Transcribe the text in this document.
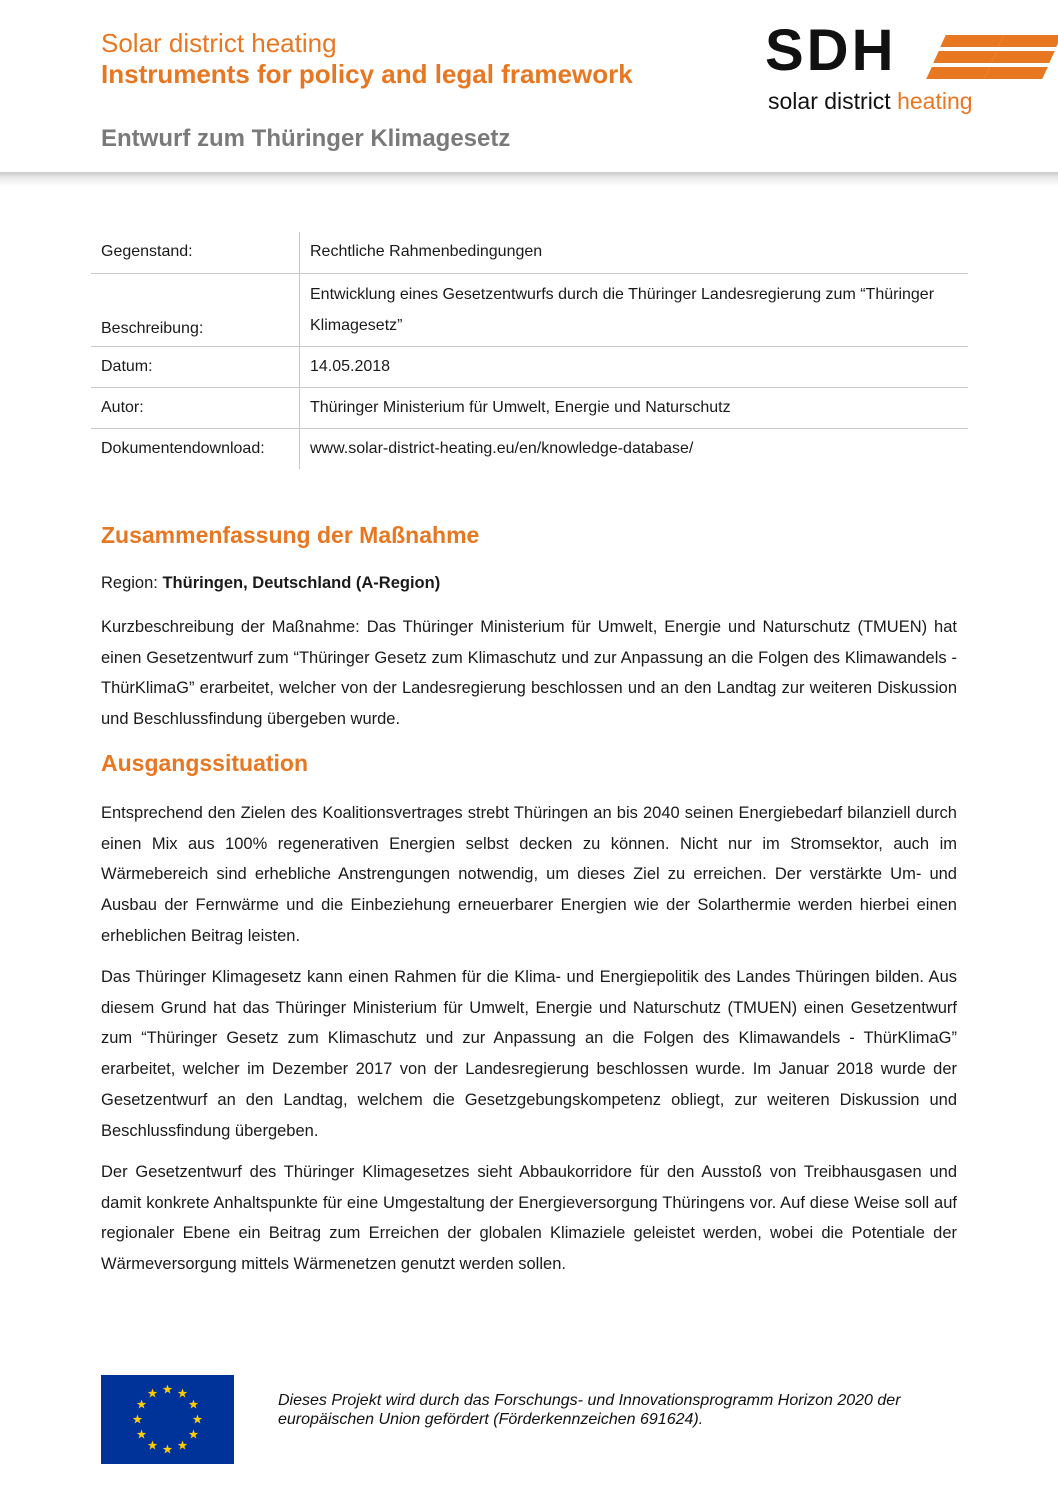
Solar district heating
Instruments for policy and legal framework
Entwurf zum Thüringer Klimagesetz
SDH
solar district heating
Gegenstand:	Rechtliche Rahmenbedingungen
Beschreibung:	Entwicklung eines Gesetzentwurfs durch die Thüringer Landesregierung zum “Thüringer Klimagesetz”
Datum:	14.05.2018
Autor:	Thüringer Ministerium für Umwelt, Energie und Naturschutz
Dokumentendownload:	www.solar-district-heating.eu/en/knowledge-database/
Zusammenfassung der Maßnahme
Region: Thüringen, Deutschland (A-Region)

Kurzbeschreibung der Maßnahme: Das Thüringer Ministerium für Umwelt, Energie und Naturschutz (TMUEN) hat einen Gesetzentwurf zum “Thüringer Gesetz zum Klimaschutz und zur Anpassung an die Folgen des Klimawandels - ThürKlimaG” erarbeitet, welcher von der Landesregierung beschlossen und an den Landtag zur weiteren Diskussion und Beschlussfindung übergeben wurde.

Ausgangssituation

Entsprechend den Zielen des Koalitionsvertrages strebt Thüringen an bis 2040 seinen Energiebedarf bilanziell durch einen Mix aus 100% regenerativen Energien selbst decken zu können. Nicht nur im Stromsektor, auch im Wärmebereich sind erhebliche Anstrengungen notwendig, um dieses Ziel zu erreichen. Der verstärkte Um- und Ausbau der Fernwärme und die Einbeziehung erneuerbarer Energien wie der Solarthermie werden hierbei einen erheblichen Beitrag leisten.

Das Thüringer Klimagesetz kann einen Rahmen für die Klima- und Energiepolitik des Landes Thüringen bilden. Aus diesem Grund hat das Thüringer Ministerium für Umwelt, Energie und Naturschutz (TMUEN) einen Gesetzentwurf zum “Thüringer Gesetz zum Klimaschutz und zur Anpassung an die Folgen des Klimawandels - ThürKlimaG” erarbeitet, welcher im Dezember 2017 von der Landesregierung beschlossen wurde. Im Januar 2018 wurde der Gesetzentwurf an den Landtag, welchem die Gesetzgebungskompetenz obliegt, zur weiteren Diskussion und Beschlussfindung übergeben.

Der Gesetzentwurf des Thüringer Klimagesetzes sieht Abbaukorridore für den Ausstoß von Treibhausgasen und damit konkrete Anhaltspunkte für eine Umgestaltung der Energieversorgung Thüringens vor. Auf diese Weise soll auf regionaler Ebene ein Beitrag zum Erreichen der globalen Klimaziele geleistet werden, wobei die Potentiale der Wärmeversorgung mittels Wärmenetzen genutzt werden sollen.

Dieses Projekt wird durch das Forschungs- und Innovationsprogramm Horizon 2020 der europäischen Union gefördert (Förderkennzeichen 691624).
